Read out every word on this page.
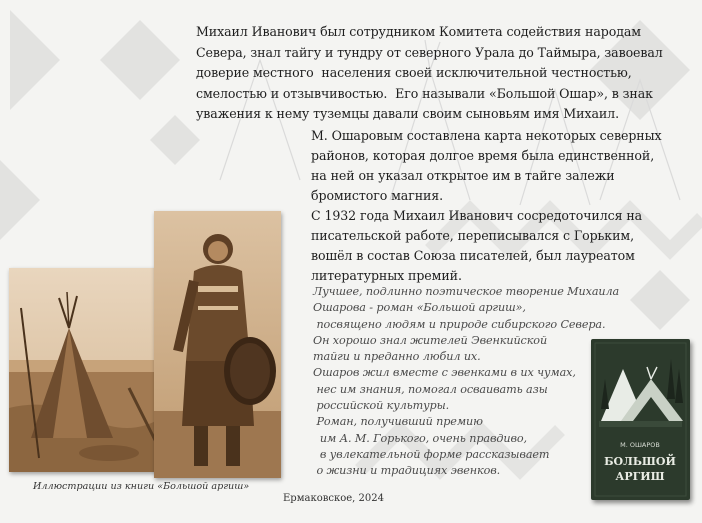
Михаил Иванович был сотрудником Комитета содействия народам
Севера, знал тайгу и тундру от северного Урала до Таймыра, завоевал
доверие местного  населения своей исключительной честностью,
смелостью и отзывчивостью.  Его называли «Большой Ошар», в знак
уважения к нему туземцы давали своим сыновьям имя Михаил.

М. Ошаровым составлена карта некоторых северных
районов, которая долгое время была единственной,
на ней он указал открытое им в тайге залежи
бромистого магния.
С 1932 года Михаил Иванович сосредоточился на
писательской работе, переписывался с Горьким,
вошёл в состав Союза писателей, был лауреатом
литературных премий.

Лучшее, подлинно поэтическое творение Михаила
Ошарова - роман «Большой аргиш»,
посвящено людям и природе сибирского Севера.
Он хорошо знал жителей Эвенкийской
тайги и преданно любил их.
Ошаров жил вместе с эвенками в их чумах,
нес им знания, помогал осваивать азы
российской культуры.
Роман, получивший премию
им А. М. Горького, очень правдиво,
в увлекательной форме рассказывает
о жизни и традициях эвенков.

М. ОШАРОВ
БОЛЬШОЙ
АРГИШ
Иллюстрации из книги «Большой аргиш»
Ермаковское, 2024
